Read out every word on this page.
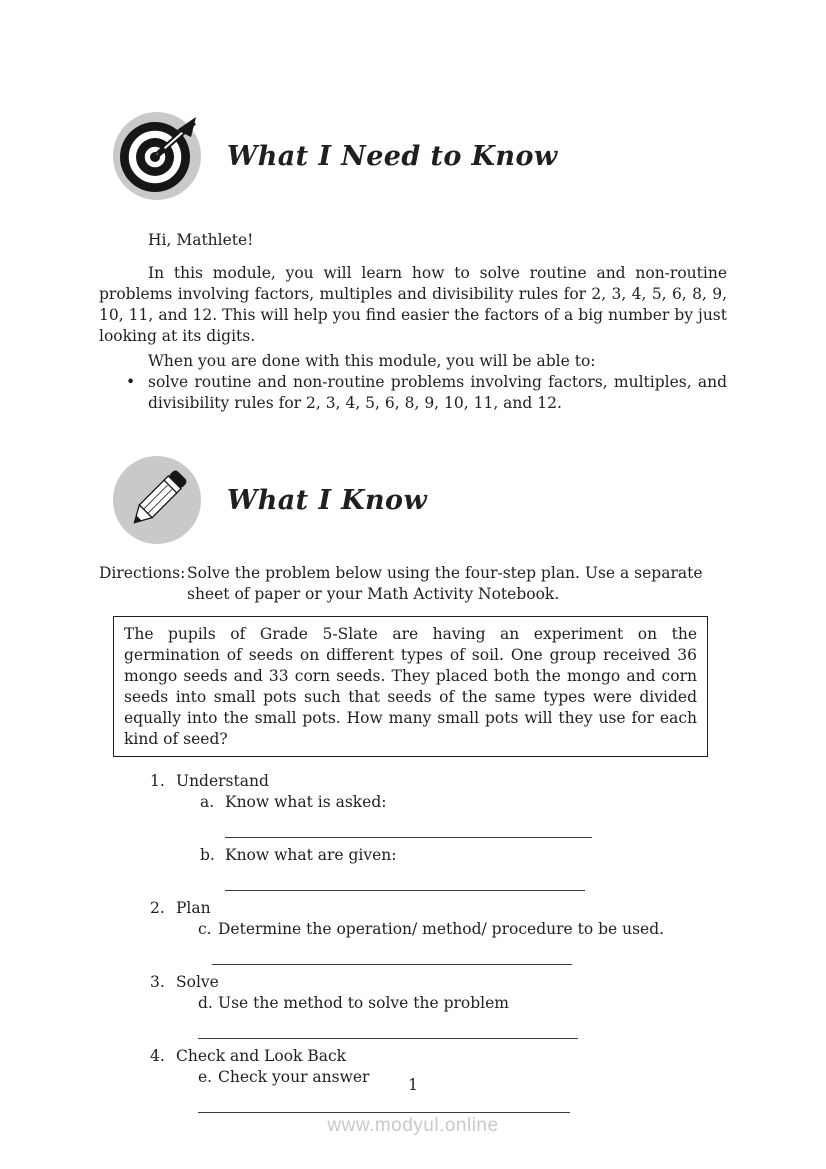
What I Need to Know
Hi, Mathlete!

In this module, you will learn how to solve routine and non-routine problems involving factors, multiples and divisibility rules for 2, 3, 4, 5, 6, 8, 9, 10, 11, and 12. This will help you find easier the factors of a big number by just looking at its digits.

When you are done with this module, you will be able to:

• solve routine and non-routine problems involving factors, multiples, and divisibility rules for 2, 3, 4, 5, 6, 8, 9, 10, 11, and 12.
What I Know
Directions: Solve the problem below using the four-step plan. Use a separate sheet of paper or your Math Activity Notebook.
The pupils of Grade 5-Slate are having an experiment on the germination of seeds on different types of soil. One group received 36 mongo seeds and 33 corn seeds. They placed both the mongo and corn seeds into small pots such that seeds of the same types were divided equally into the small pots. How many small pots will they use for each kind of seed?
1. Understand
a. Know what is asked:
b. Know what are given:
2. Plan
c. Determine the operation/ method/ procedure to be used.
3. Solve
d. Use the method to solve the problem
4. Check and Look Back
e. Check your answer	1
www.modyul.online
